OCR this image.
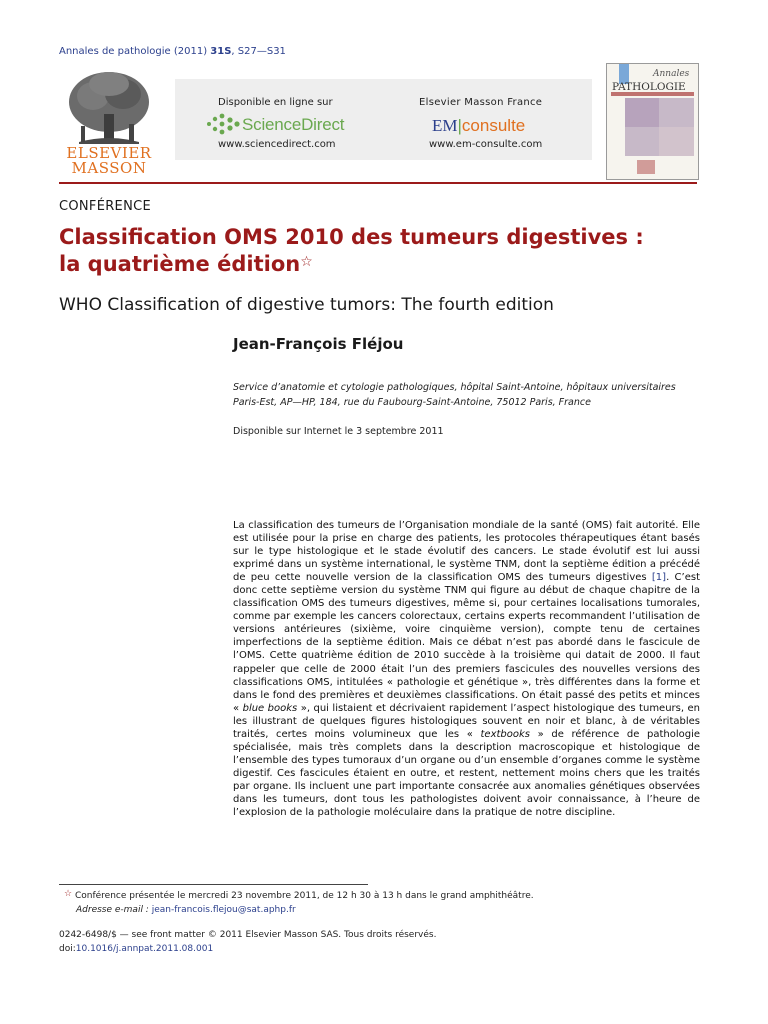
Annales de pathologie (2011) 31S, S27—S31
ELSEVIER
MASSON
Disponible en ligne sur
ScienceDirect
www.sciencedirect.com
Elsevier Masson France
EM|consulte
www.em-consulte.com
Annales
PATHOLOGIE
CONFÉRENCE
Classification OMS 2010 des tumeurs digestives :
la quatrième édition☆
WHO Classification of digestive tumors: The fourth edition
Jean-François Fléjou
Service d’anatomie et cytologie pathologiques, hôpital Saint-Antoine, hôpitaux universitaires
Paris-Est, AP—HP, 184, rue du Faubourg-Saint-Antoine, 75012 Paris, France
Disponible sur Internet le 3 septembre 2011
La classification des tumeurs de l’Organisation mondiale de la santé (OMS) fait autorité. Elle est utilisée pour la prise en charge des patients, les protocoles thérapeutiques étant basés sur le type histologique et le stade évolutif des cancers. Le stade évolutif est lui aussi exprimé dans un système international, le système TNM, dont la septième édition a précédé de peu cette nouvelle version de la classification OMS des tumeurs digestives [1]. C’est donc cette septième version du système TNM qui figure au début de chaque chapitre de la classification OMS des tumeurs digestives, même si, pour certaines localisations tumorales, comme par exemple les cancers colorectaux, certains experts recommandent l’utilisation de versions antérieures (sixième, voire cinquième version), compte tenu de certaines imperfections de la septième édition. Mais ce débat n’est pas abordé dans le fascicule de l’OMS. Cette quatrième édition de 2010 succède à la troisième qui datait de 2000. Il faut rappeler que celle de 2000 était l’un des premiers fascicules des nouvelles versions des classifications OMS, intitulées « pathologie et génétique », très différentes dans la forme et dans le fond des premières et deuxièmes classifications. On était passé des petits et minces « blue books », qui listaient et décrivaient rapidement l’aspect histologique des tumeurs, en les illustrant de quelques figures histologiques souvent en noir et blanc, à de véritables traités, certes moins volumineux que les « textbooks » de référence de pathologie spécialisée, mais très complets dans la description macroscopique et histologique de l’ensemble des types tumoraux d’un organe ou d’un ensemble d’organes comme le système digestif. Ces fascicules étaient en outre, et restent, nettement moins chers que les traités par organe. Ils incluent une part importante consacrée aux anomalies génétiques observées dans les tumeurs, dont tous les pathologistes doivent avoir connaissance, à l’heure de l’explosion de la pathologie moléculaire dans la pratique de notre discipline.
☆ Conférence présentée le mercredi 23 novembre 2011, de 12 h 30 à 13 h dans le grand amphithéâtre.
Adresse e-mail : jean-francois.flejou@sat.aphp.fr
0242-6498/$ — see front matter © 2011 Elsevier Masson SAS. Tous droits réservés.
doi:10.1016/j.annpat.2011.08.001
